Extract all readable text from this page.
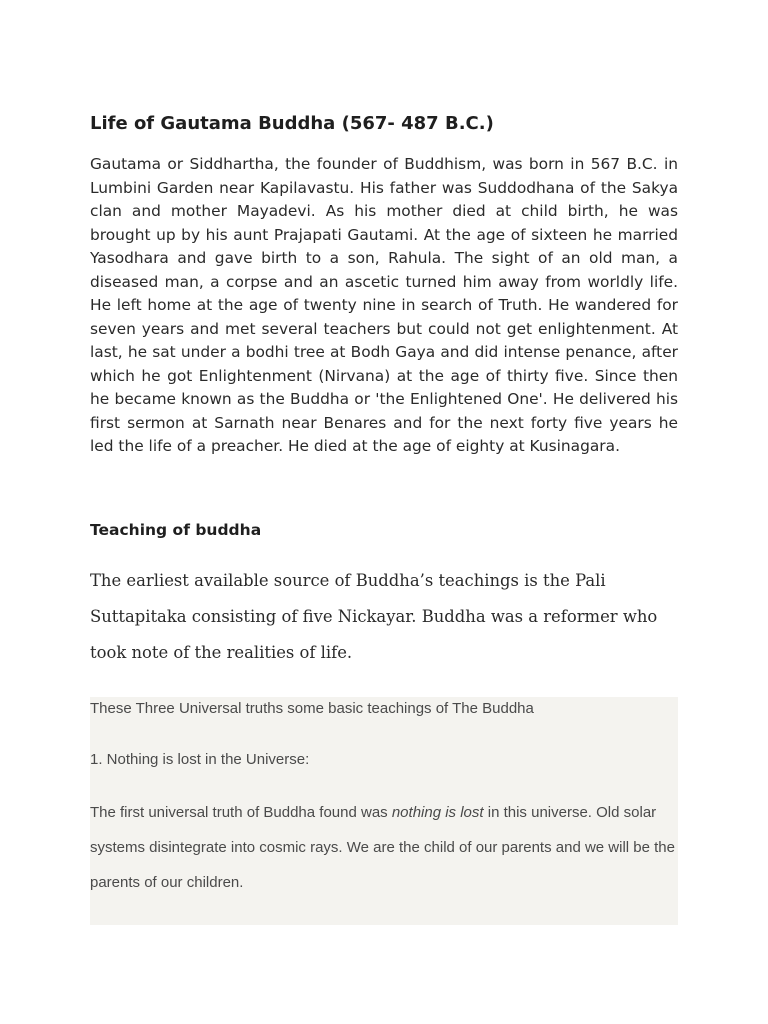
Life of Gautama Buddha (567- 487 B.C.)

Gautama or Siddhartha, the founder of Buddhism, was born in 567 B.C. in Lumbini Garden near Kapilavastu. His father was Suddodhana of the Sakya clan and mother Mayadevi. As his mother died at child birth, he was brought up by his aunt Prajapati Gautami. At the age of sixteen he married Yasodhara and gave birth to a son, Rahula. The sight of an old man, a diseased man, a corpse and an ascetic turned him away from worldly life. He left home at the age of twenty nine in search of Truth. He wandered for seven years and met several teachers but could not get enlightenment. At last, he sat under a bodhi tree at Bodh Gaya and did intense penance, after which he got Enlightenment (Nirvana) at the age of thirty five. Since then he became known as the Buddha or 'the Enlightened One'. He delivered his first sermon at Sarnath near Benares and for the next forty five years he led the life of a preacher. He died at the age of eighty at Kusinagara.

Teaching of buddha

The earliest available source of Buddha’s teachings is the Pali Suttapitaka consisting of five Nickayar. Buddha was a reformer who took note of the realities of life.

These Three Universal truths some basic teachings of The Buddha

1. Nothing is lost in the Universe:

The first universal truth of Buddha found was nothing is lost in this universe. Old solar systems disintegrate into cosmic rays. We are the child of our parents and we will be the parents of our children.
